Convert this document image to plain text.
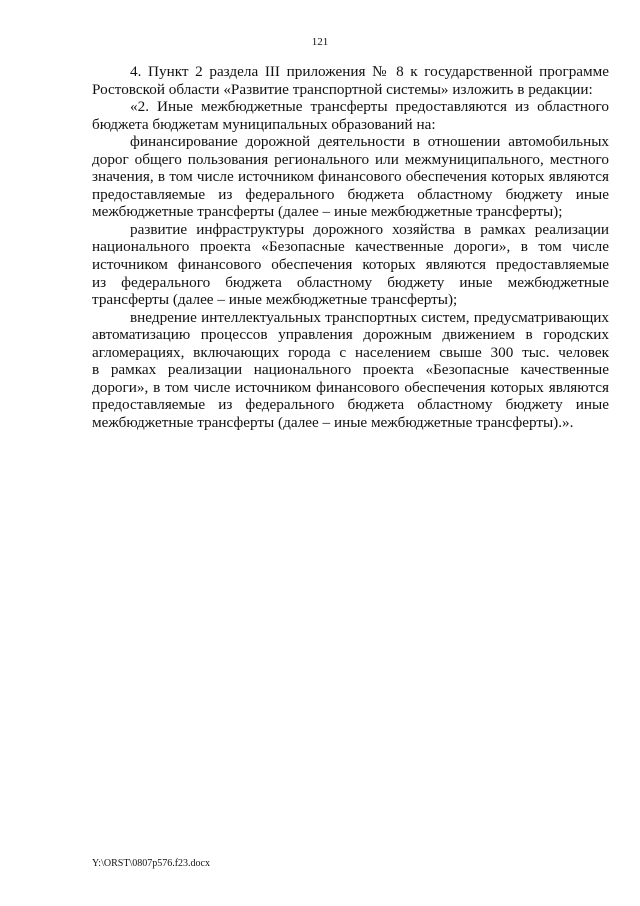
121
4. Пункт 2 раздела III приложения № 8 к государственной программе
Ростовской области «Развитие транспортной системы» изложить в редакции:
«2. Иные межбюджетные трансферты предоставляются из областного
бюджета бюджетам муниципальных образований на:
финансирование дорожной деятельности в отношении автомобильных
дорог общего пользования регионального или межмуниципального, местного
значения, в том числе источником финансового обеспечения которых являются
предоставляемые из федерального бюджета областному бюджету иные
межбюджетные трансферты (далее – иные межбюджетные трансферты);
развитие инфраструктуры дорожного хозяйства в рамках реализации
национального проекта «Безопасные качественные дороги», в том числе
источником финансового обеспечения которых являются предоставляемые
из федерального бюджета областному бюджету иные межбюджетные
трансферты (далее – иные межбюджетные трансферты);
внедрение интеллектуальных транспортных систем, предусматривающих
автоматизацию процессов управления дорожным движением в городских
агломерациях, включающих города с населением свыше 300 тыс. человек
в рамках реализации национального проекта «Безопасные качественные
дороги», в том числе источником финансового обеспечения которых являются
предоставляемые из федерального бюджета областному бюджету иные
межбюджетные трансферты (далее – иные межбюджетные трансферты).».
Y:\ORST\0807p576.f23.docx
